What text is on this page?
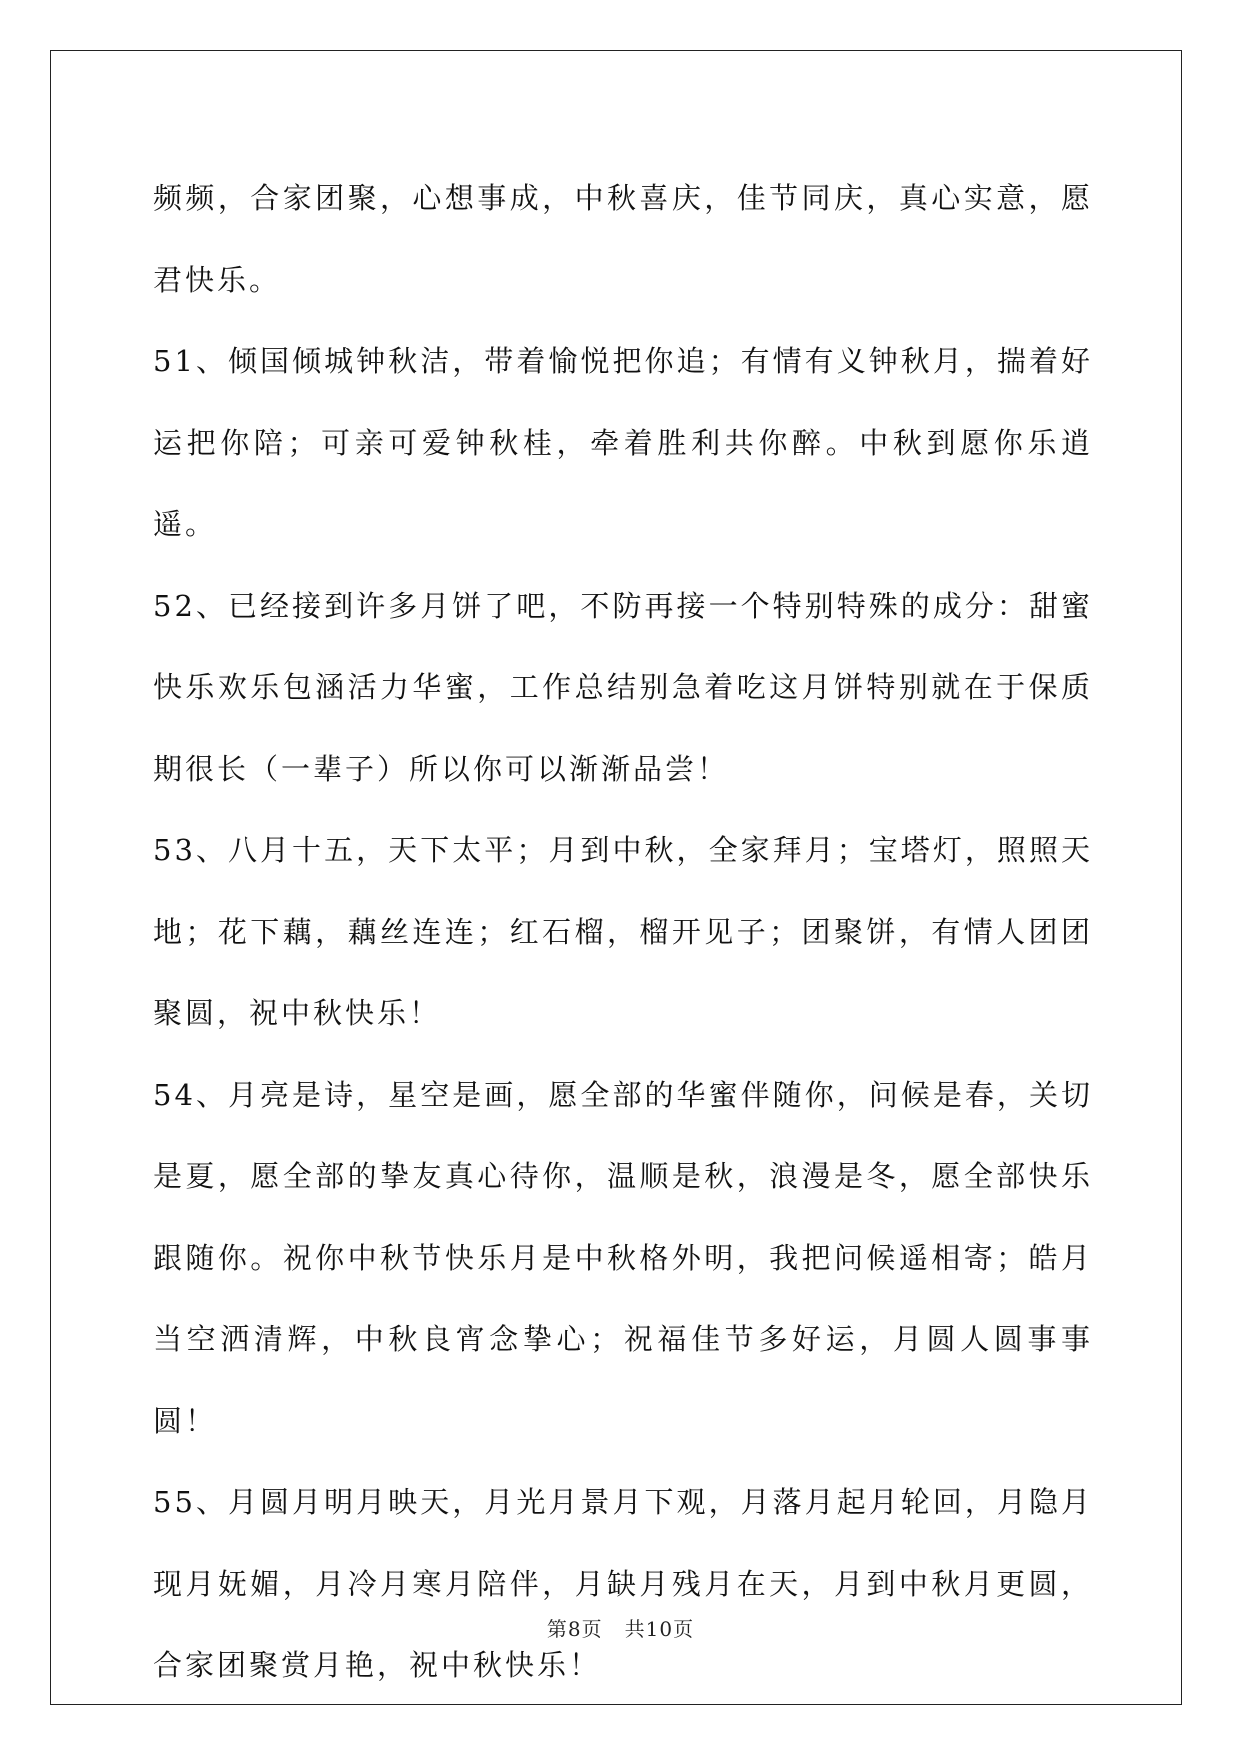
频频，合家团聚，心想事成，中秋喜庆，佳节同庆，真心实意，愿君快乐。

51、倾国倾城钟秋洁，带着愉悦把你追；有情有义钟秋月，揣着好运把你陪；可亲可爱钟秋桂，牵着胜利共你醉。中秋到愿你乐逍遥。

52、已经接到许多月饼了吧，不防再接一个特别特殊的成分：甜蜜快乐欢乐包涵活力华蜜，工作总结别急着吃这月饼特别就在于保质期很长（一辈子）所以你可以渐渐品尝！

53、八月十五，天下太平；月到中秋，全家拜月；宝塔灯，照照天地；花下藕，藕丝连连；红石榴，榴开见子；团聚饼，有情人团团聚圆，祝中秋快乐！

54、月亮是诗，星空是画，愿全部的华蜜伴随你，问候是春，关切是夏，愿全部的挚友真心待你，温顺是秋，浪漫是冬，愿全部快乐跟随你。祝你中秋节快乐月是中秋格外明，我把问候遥相寄；皓月当空洒清辉，中秋良宵念挚心；祝福佳节多好运，月圆人圆事事圆！

55、月圆月明月映天，月光月景月下观，月落月起月轮回，月隐月现月妩媚，月冷月寒月陪伴，月缺月残月在天，月到中秋月更圆，合家团聚赏月艳，祝中秋快乐！

第8页 共10页
